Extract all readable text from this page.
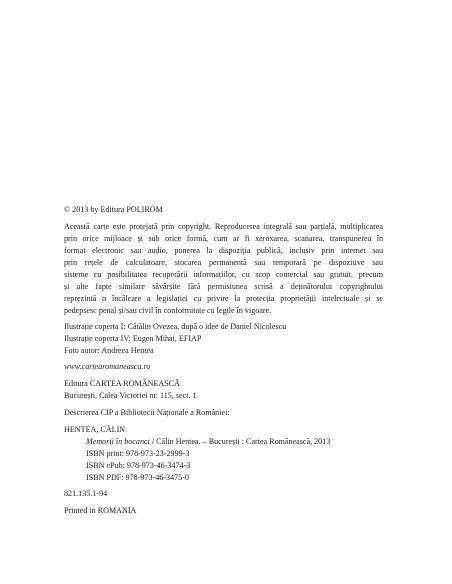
© 2013 by Editura POLIROM
Această carte este protejată prin copyright. Reproducerea integrală sau parțială, multiplicarea
prin orice mijloace și sub orice formă, cum ar fi xeroxarea, scanarea, transpunerea în
format electronic sau audio, punerea la dispoziția publică, inclusiv prin internet sau
prin rețele de calculatoare, stocarea permanentă sau temporară pe dispozitive sau
sisteme cu posibilitatea recuperării informațiilor, cu scop comercial sau gratuit, precum
și alte fapte similare săvârșite fără permisiunea scrisă a deținătorului copyrightului
reprezintă o încălcare a legislației cu privire la protecția proprietății intelectuale și se
pedepsesc penal și/sau civil în conformitate cu legile în vigoare.
Ilustrație coperta I: Cătălin Ovezea, după o idee de Daniel Nicolescu
Ilustrație coperta IV: Eugen Mihai, EFIAP
Foto autor: Andreea Hentea
www.cartearomaneasca.ro
Editura CARTEA ROMÂNEASCĂ
București, Calea Victoriei nr. 115, sect. 1
Descrierea CIP a Bibliotecii Naționale a României:
HENTEA, CĂLIN
Memorii în bocanci / Călin Hentea. – București : Cartea Românească, 2013
ISBN print: 978-973-23-2999-3
ISBN ePub: 978-973-46-3474-3
ISBN PDF: 978-973-46-3475-0
821.135.1-94
Printed in ROMANIA
